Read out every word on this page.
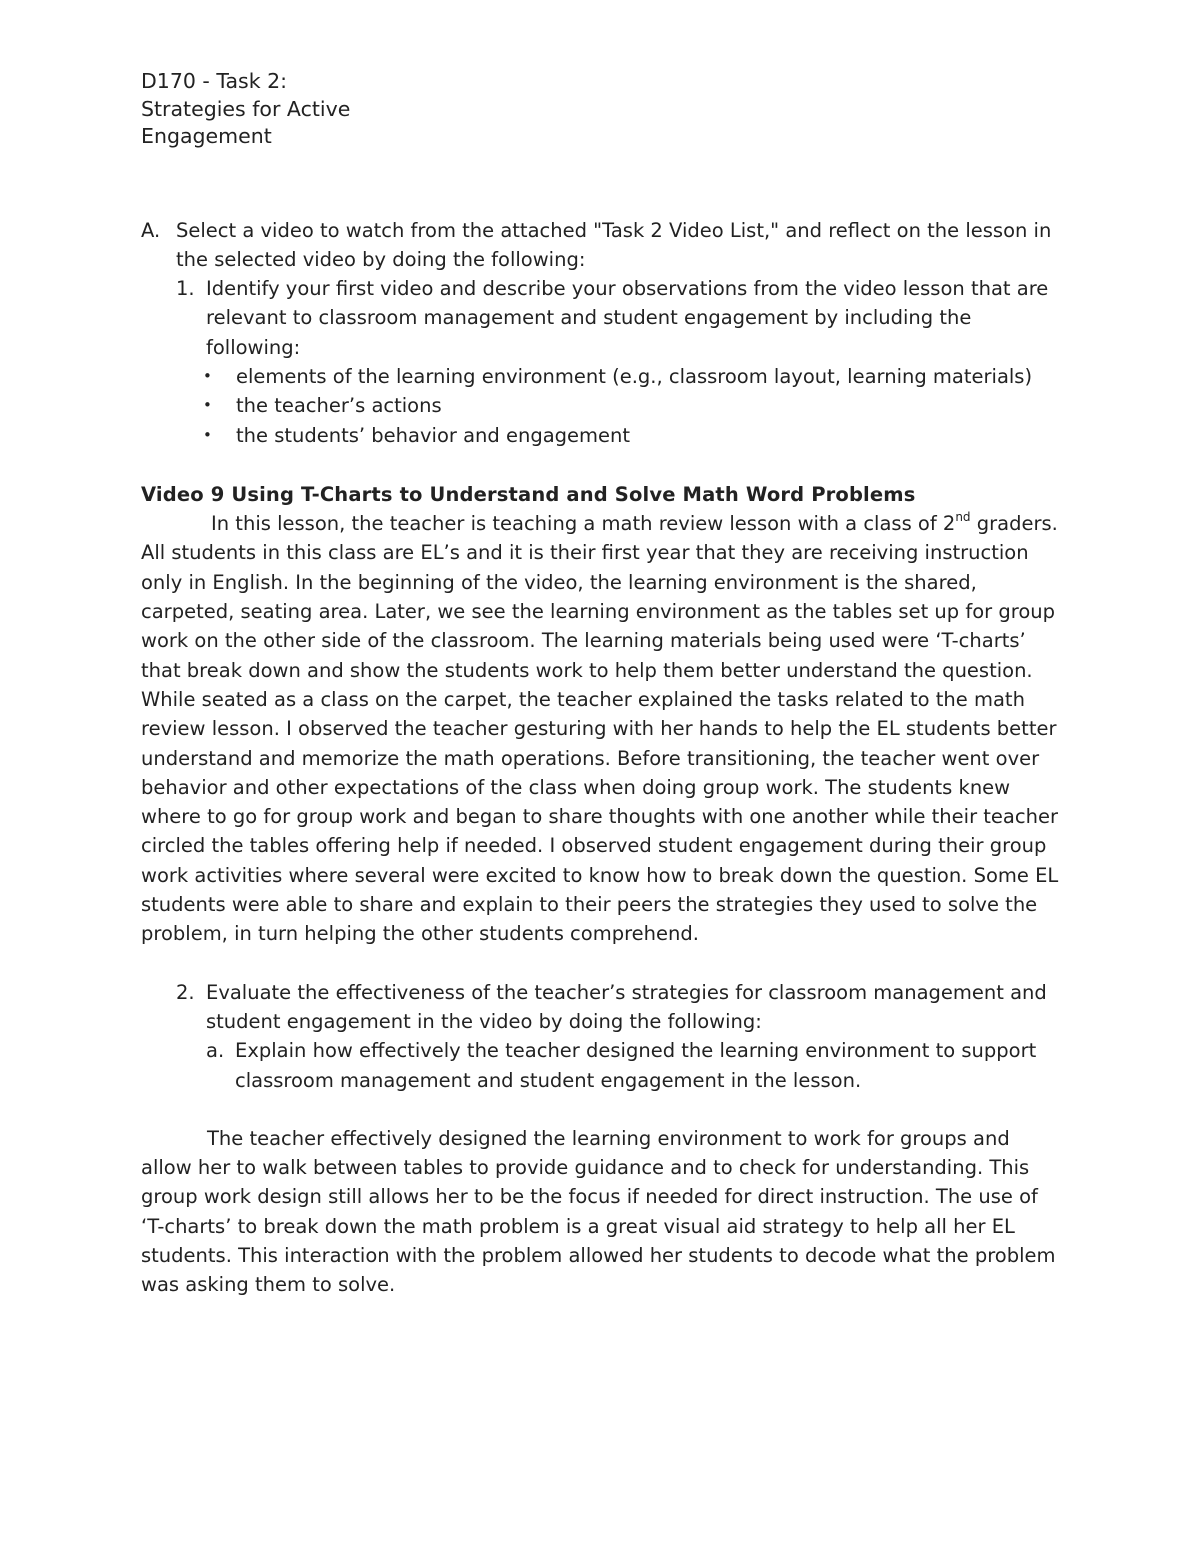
D170 - Task 2:
Strategies for Active
Engagement
A. Select a video to watch from the attached "Task 2 Video List," and reflect on the lesson in the selected video by doing the following:
1. Identify your first video and describe your observations from the video lesson that are relevant to classroom management and student engagement by including the following:
• elements of the learning environment (e.g., classroom layout, learning materials)
• the teacher’s actions
• the students’ behavior and engagement
Video 9 Using T-Charts to Understand and Solve Math Word Problems
In this lesson, the teacher is teaching a math review lesson with a class of 2nd graders. All students in this class are EL’s and it is their first year that they are receiving instruction only in English. In the beginning of the video, the learning environment is the shared, carpeted, seating area. Later, we see the learning environment as the tables set up for group work on the other side of the classroom. The learning materials being used were ‘T-charts’ that break down and show the students work to help them better understand the question. While seated as a class on the carpet, the teacher explained the tasks related to the math review lesson. I observed the teacher gesturing with her hands to help the EL students better understand and memorize the math operations. Before transitioning, the teacher went over behavior and other expectations of the class when doing group work. The students knew where to go for group work and began to share thoughts with one another while their teacher circled the tables offering help if needed. I observed student engagement during their group work activities where several were excited to know how to break down the question. Some EL students were able to share and explain to their peers the strategies they used to solve the problem, in turn helping the other students comprehend.
2. Evaluate the effectiveness of the teacher’s strategies for classroom management and student engagement in the video by doing the following:
a. Explain how effectively the teacher designed the learning environment to support classroom management and student engagement in the lesson.
The teacher effectively designed the learning environment to work for groups and allow her to walk between tables to provide guidance and to check for understanding. This group work design still allows her to be the focus if needed for direct instruction. The use of ‘T-charts’ to break down the math problem is a great visual aid strategy to help all her EL students. This interaction with the problem allowed her students to decode what the problem was asking them to solve.
